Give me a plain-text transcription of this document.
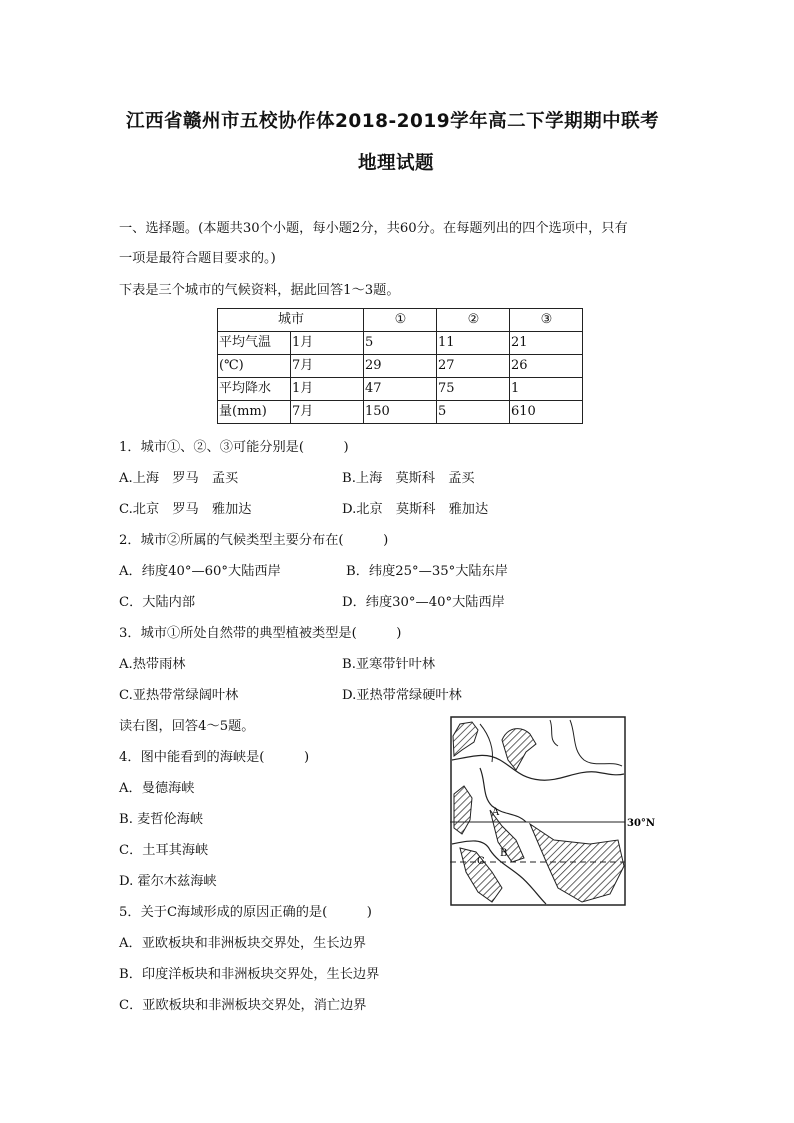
江西省赣州市五校协作体2018-2019学年高二下学期期中联考
地理试题
一、选择题。(本题共30个小题，每小题2分，共60分。在每题列出的四个选项中，只有
一项是最符合题目要求的。)
下表是三个城市的气候资料，据此回答1～3题。
城市		①	②	③
平均气温	1月	5	11	21
(℃)	7月	29	27	26
平均降水	1月	47	75	1
量(mm)	7月	150	5	610
1．城市①、②、③可能分别是(　　　)
A.上海　罗马　孟买	B.上海　莫斯科　孟买
C.北京　罗马　雅加达	D.北京　莫斯科　雅加达
2．城市②所属的气候类型主要分布在(　　　)
A．纬度40°—60°大陆西岸	B．纬度25°—35°大陆东岸
C．大陆内部	D．纬度30°—40°大陆西岸
3．城市①所处自然带的典型植被类型是(　　　)
A.热带雨林	B.亚寒带针叶林
C.亚热带常绿阔叶林	D.亚热带常绿硬叶林
读右图，回答4～5题。
4．图中能看到的海峡是(　　　)
A．曼德海峡
B. 麦哲伦海峡
C．土耳其海峡
D. 霍尔木兹海峡
5．关于C海域形成的原因正确的是(　　　)
A．亚欧板块和非洲板块交界处，生长边界
B．印度洋板块和非洲板块交界处，生长边界
C．亚欧板块和非洲板块交界处，消亡边界
A
B
C
30°N
